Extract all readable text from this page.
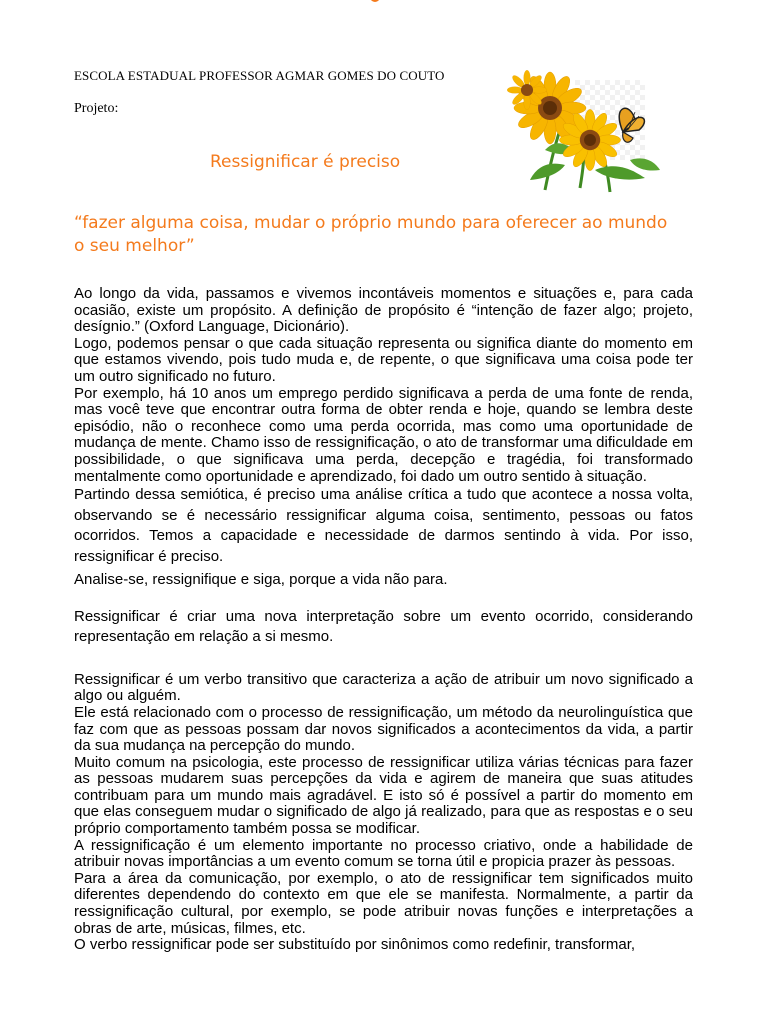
ESCOLA ESTADUAL PROFESSOR AGMAR GOMES DO COUTO
Projeto:
Ressignificar é preciso
“fazer alguma coisa, mudar o próprio mundo para oferecer ao mundo o seu melhor”

Ao longo da vida, passamos e vivemos incontáveis momentos e situações e, para cada ocasião, existe um propósito. A definição de propósito é “intenção de fazer algo; projeto, desígnio.” (Oxford Language, Dicionário).

Logo, podemos pensar o que cada situação representa ou significa diante do momento em que estamos vivendo, pois tudo muda e, de repente, o que significava uma coisa pode ter um outro significado no futuro.

Por exemplo, há 10 anos um emprego perdido significava a perda de uma fonte de renda, mas você teve que encontrar outra forma de obter renda e hoje, quando se lembra deste episódio, não o reconhece como uma perda ocorrida, mas como uma oportunidade de mudança de mente. Chamo isso de ressignificação, o ato de transformar uma dificuldade em possibilidade, o que significava uma perda, decepção e tragédia, foi transformado mentalmente como oportunidade e aprendizado, foi dado um outro sentido à situação.

Partindo dessa semiótica, é preciso uma análise crítica a tudo que acontece a nossa volta, observando se é necessário ressignificar alguma coisa, sentimento, pessoas ou fatos ocorridos. Temos a capacidade e necessidade de darmos sentindo à vida. Por isso, ressignificar é preciso.

Analise-se, ressignifique e siga, porque a vida não para.

Ressignificar é criar uma nova interpretação sobre um evento ocorrido, considerando representação em relação a si mesmo.

Ressignificar é um verbo transitivo que caracteriza a ação de atribuir um novo significado a algo ou alguém.

Ele está relacionado com o processo de ressignificação, um método da neurolinguística que faz com que as pessoas possam dar novos significados a acontecimentos da vida, a partir da sua mudança na percepção do mundo.

Muito comum na psicologia, este processo de ressignificar utiliza várias técnicas para fazer as pessoas mudarem suas percepções da vida e agirem de maneira que suas atitudes contribuam para um mundo mais agradável. E isto só é possível a partir do momento em que elas conseguem mudar o significado de algo já realizado, para que as respostas e o seu próprio comportamento também possa se modificar.

A ressignificação é um elemento importante no processo criativo, onde a habilidade de atribuir novas importâncias a um evento comum se torna útil e propicia prazer às pessoas.

Para a área da comunicação, por exemplo, o ato de ressignificar tem significados muito diferentes dependendo do contexto em que ele se manifesta. Normalmente, a partir da ressignificação cultural, por exemplo, se pode atribuir novas funções e interpretações a obras de arte, músicas, filmes, etc.

O verbo ressignificar pode ser substituído por sinônimos como redefinir, transformar,
